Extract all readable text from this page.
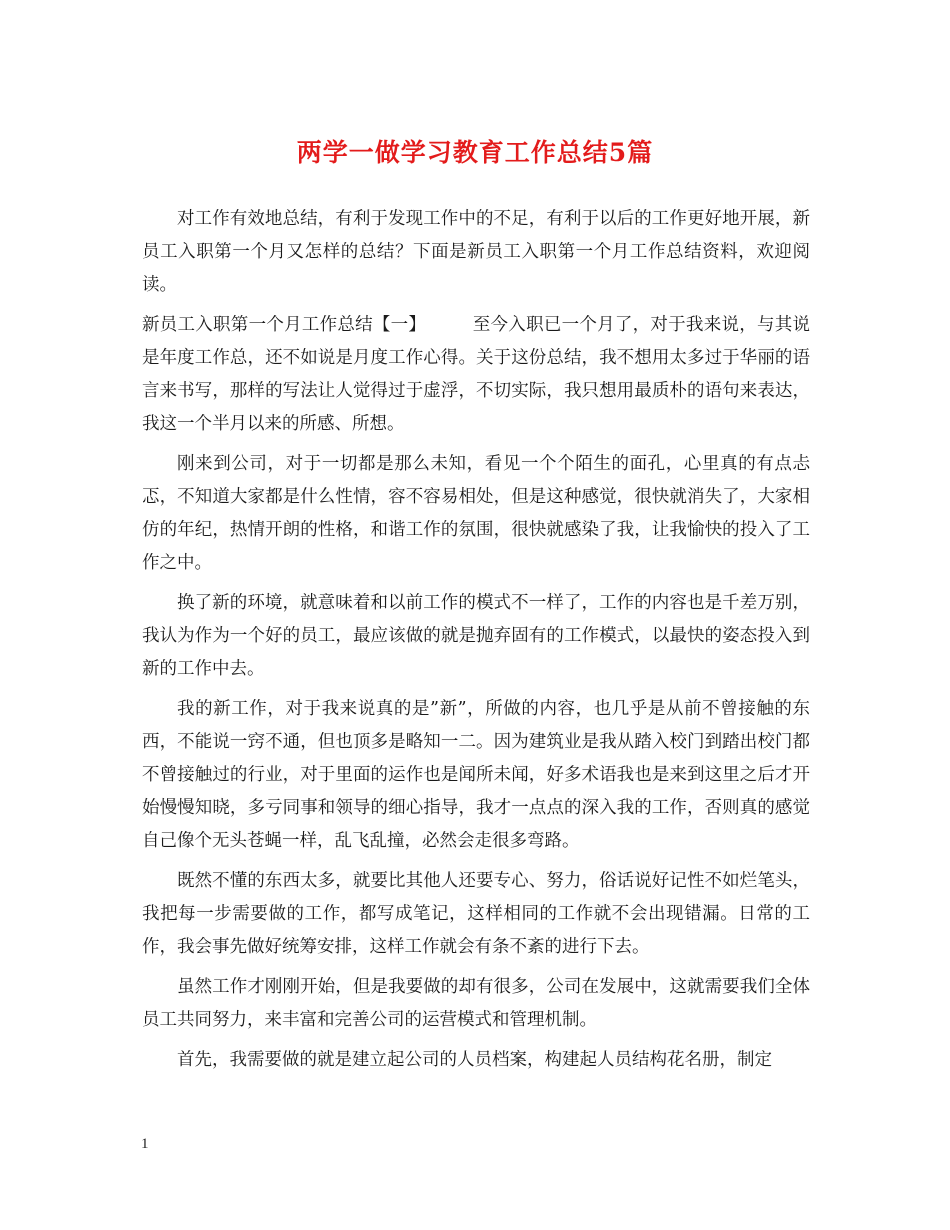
两学一做学习教育工作总结5篇

对工作有效地总结，有利于发现工作中的不足，有利于以后的工作更好地开展，新员工入职第一个月又怎样的总结？下面是新员工入职第一个月工作总结资料，欢迎阅读。

新员工入职第一个月工作总结【一】        至今入职已一个月了，对于我来说，与其说是年度工作总，还不如说是月度工作心得。关于这份总结，我不想用太多过于华丽的语言来书写，那样的写法让人觉得过于虚浮，不切实际，我只想用最质朴的语句来表达，我这一个半月以来的所感、所想。

刚来到公司，对于一切都是那么未知，看见一个个陌生的面孔，心里真的有点忐忑，不知道大家都是什么性情，容不容易相处，但是这种感觉，很快就消失了，大家相仿的年纪，热情开朗的性格，和谐工作的氛围，很快就感染了我，让我愉快的投入了工作之中。

换了新的环境，就意味着和以前工作的模式不一样了，工作的内容也是千差万别，我认为作为一个好的员工，最应该做的就是抛弃固有的工作模式，以最快的姿态投入到新的工作中去。

我的新工作，对于我来说真的是”新”，所做的内容，也几乎是从前不曾接触的东西，不能说一窍不通，但也顶多是略知一二。因为建筑业是我从踏入校门到踏出校门都不曾接触过的行业，对于里面的运作也是闻所未闻，好多术语我也是来到这里之后才开始慢慢知晓，多亏同事和领导的细心指导，我才一点点的深入我的工作，否则真的感觉自己像个无头苍蝇一样，乱飞乱撞，必然会走很多弯路。

既然不懂的东西太多，就要比其他人还要专心、努力，俗话说好记性不如烂笔头，我把每一步需要做的工作，都写成笔记，这样相同的工作就不会出现错漏。日常的工作，我会事先做好统筹安排，这样工作就会有条不紊的进行下去。

虽然工作才刚刚开始，但是我要做的却有很多，公司在发展中，这就需要我们全体员工共同努力，来丰富和完善公司的运营模式和管理机制。

首先，我需要做的就是建立起公司的人员档案，构建起人员结构花名册，制定

1
